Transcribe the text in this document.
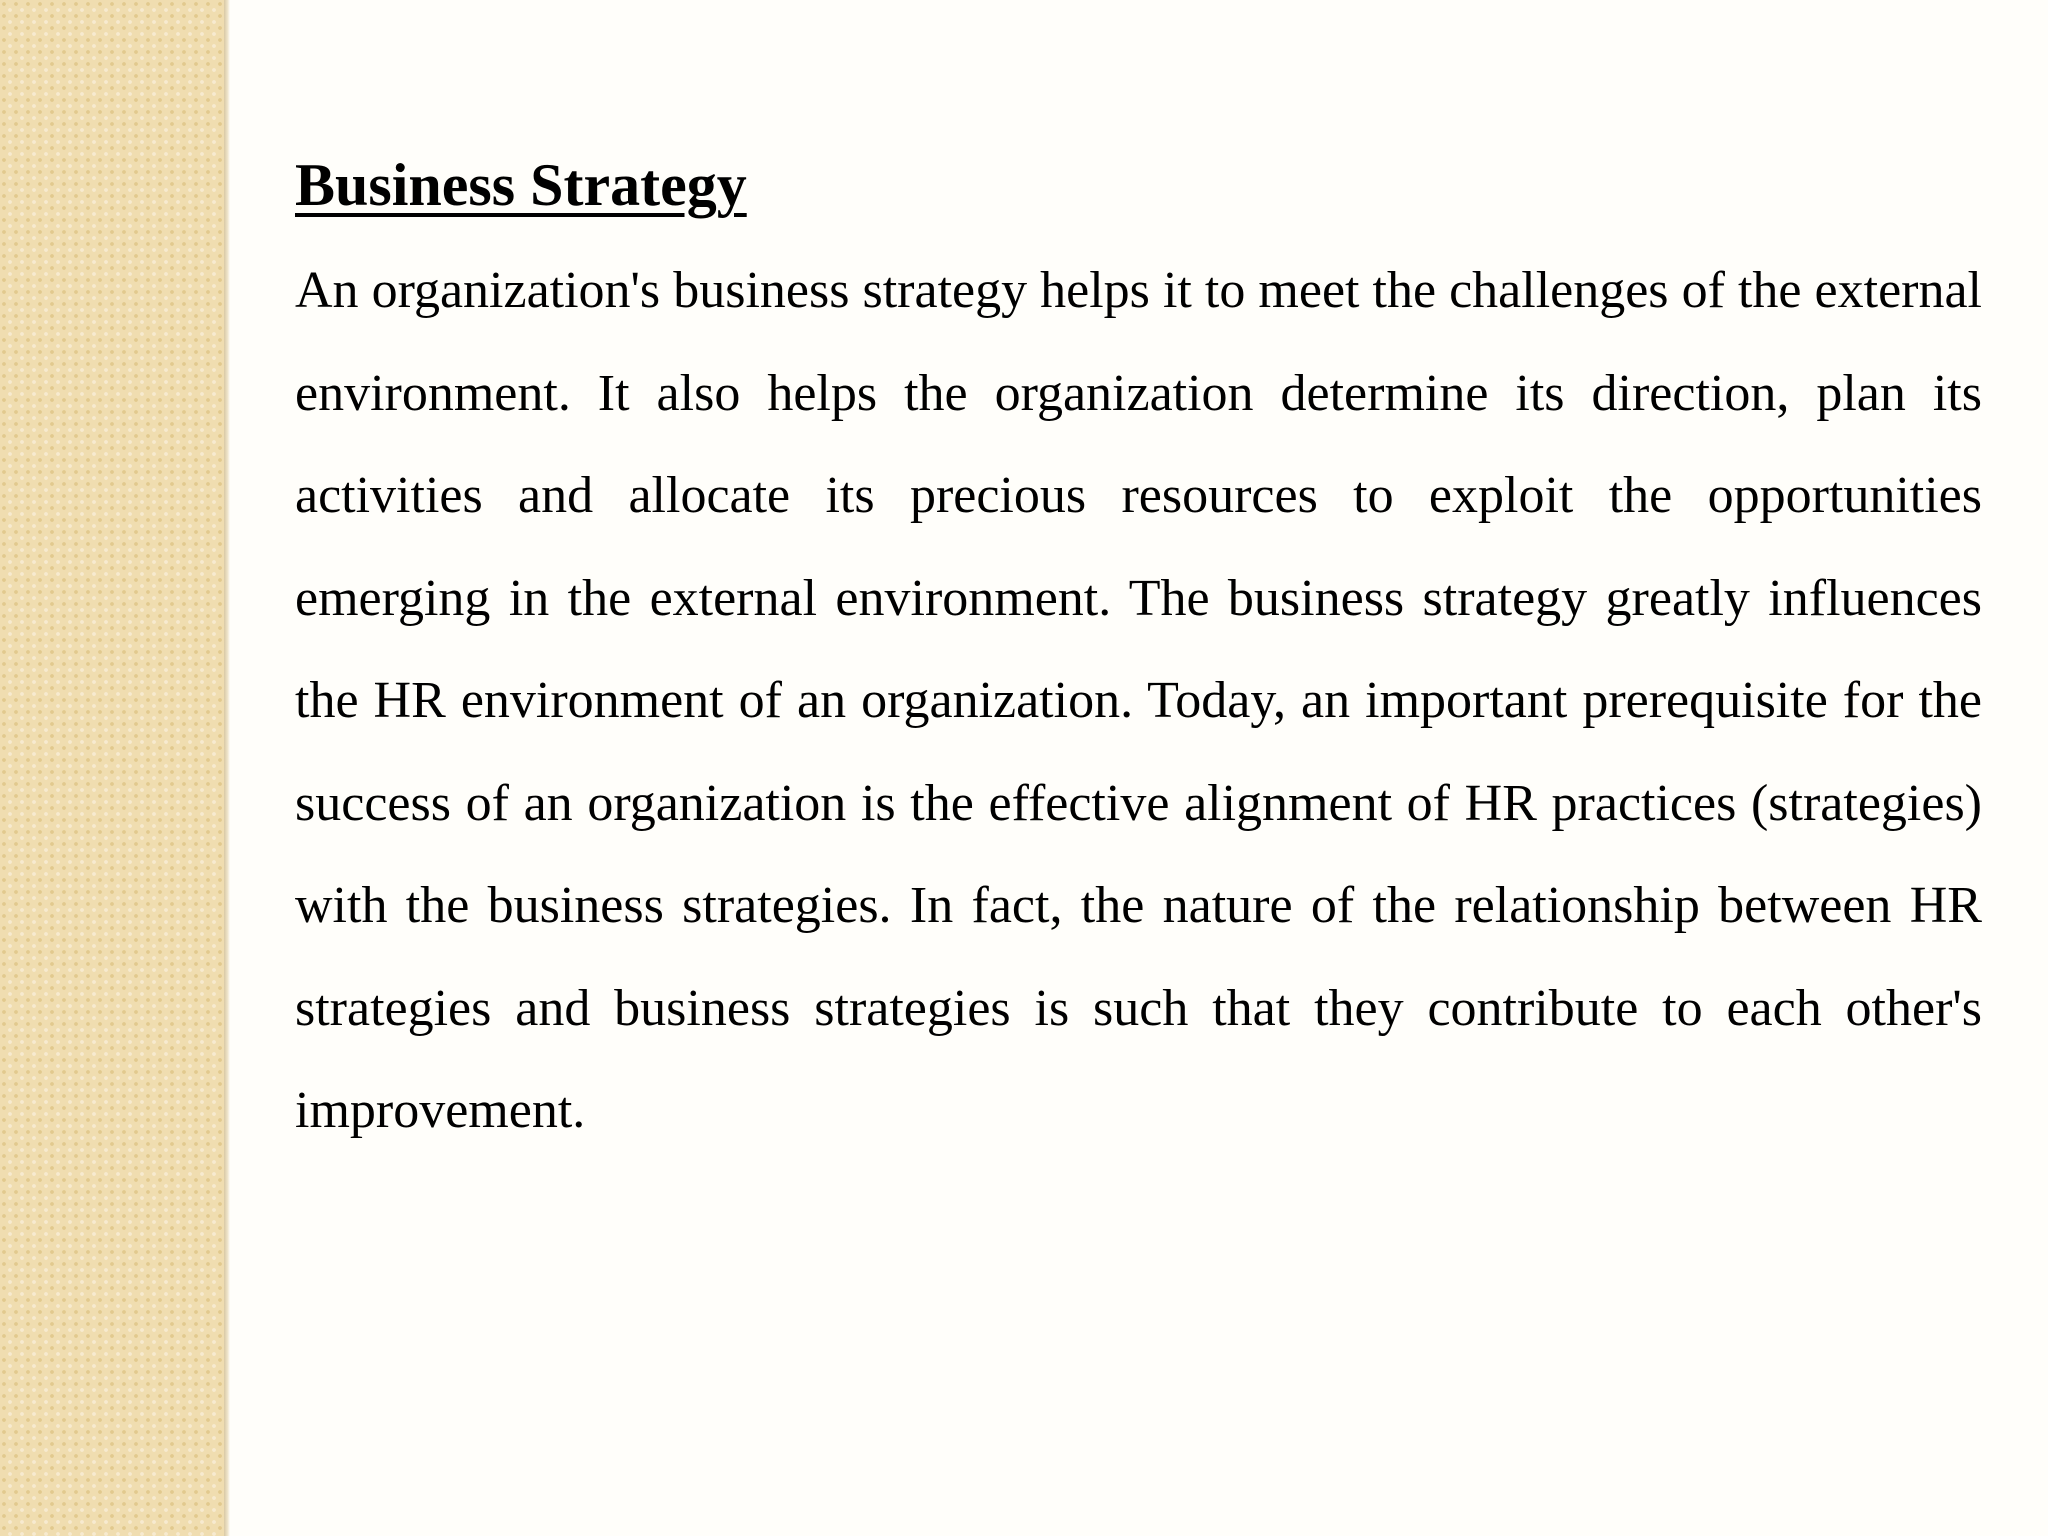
Business Strategy

An organization's business strategy helps it to meet the challenges of the external environment. It also helps the organization determine its direction, plan its activities and allocate its precious resources to exploit the opportunities emerging in the external environment. The business strategy greatly influences the HR environment of an organization. Today, an important prerequisite for the success of an organization is the effective alignment of HR practices (strategies) with the business strategies. In fact, the nature of the relationship between HR strategies and business strategies is such that they contribute to each other's improvement.
